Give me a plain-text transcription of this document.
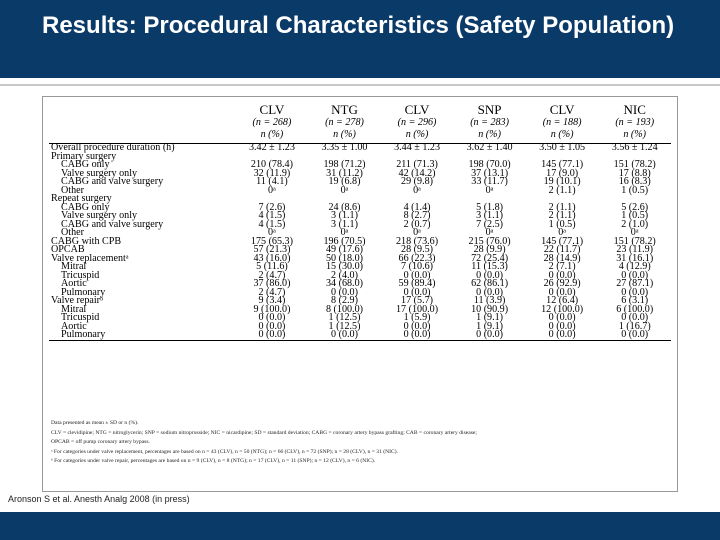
Results: Procedural Characteristics (Safety Population)
	CLV	NTG	CLV	SNP	CLV	NIC
	(n = 268)	(n = 278)	(n = 296)	(n = 283)	(n = 188)	(n = 193)
	n (%)	n (%)	n (%)	n (%)	n (%)	n (%)
Overall procedure duration (h)	3.42 ± 1.23	3.35 ± 1.00	3.44 ± 1.23	3.62 ± 1.40	3.50 ± 1.05	3.56 ± 1.24
Primary surgery						
CABG only	210 (78.4)	198 (71.2)	211 (71.3)	198 (70.0)	145 (77.1)	151 (78.2)
Valve surgery only	32 (11.9)	31 (11.2)	42 (14.2)	37 (13.1)	17 (9.0)	17 (8.8)
CABG and valve surgery	11 (4.1)	19 (6.8)	29 (9.8)	33 (11.7)	19 (10.1)	16 (8.3)
Other	0ᵃ	0ᵃ	0ᵃ	0ᵃ	2 (1.1)	1 (0.5)
Repeat surgery						
CABG only	7 (2.6)	24 (8.6)	4 (1.4)	5 (1.8)	2 (1.1)	5 (2.6)
Valve surgery only	4 (1.5)	3 (1.1)	8 (2.7)	3 (1.1)	2 (1.1)	1 (0.5)
CABG and valve surgery	4 (1.5)	3 (1.1)	2 (0.7)	7 (2.5)	1 (0.5)	2 (1.0)
Other	0ᵃ	0ᵃ	0ᵃ	0ᵃ	0ᵃ	0ᵃ
CABG with CPB	175 (65.3)	196 (70.5)	218 (73.6)	215 (76.0)	145 (77.1)	151 (78.2)
OPCAB	57 (21.3)	49 (17.6)	28 (9.5)	28 (9.9)	22 (11.7)	23 (11.9)
Valve replacementᵃ	43 (16.0)	50 (18.0)	66 (22.3)	72 (25.4)	28 (14.9)	31 (16.1)
Mitral	5 (11.6)	15 (30.0)	7 (10.6)	11 (15.3)	2 (7.1)	4 (12.9)
Tricuspid	2 (4.7)	2 (4.0)	0 (0.0)	0 (0.0)	0 (0.0)	0 (0.0)
Aortic	37 (86.0)	34 (68.0)	59 (89.4)	62 (86.1)	26 (92.9)	27 (87.1)
Pulmonary	2 (4.7)	0 (0.0)	0 (0.0)	0 (0.0)	0 (0.0)	0 (0.0)
Valve repairᵇ	9 (3.4)	8 (2.9)	17 (5.7)	11 (3.9)	12 (6.4)	6 (3.1)
Mitral	9 (100.0)	8 (100.0)	17 (100.0)	10 (90.9)	12 (100.0)	6 (100.0)
Tricuspid	0 (0.0)	1 (12.5)	1 (5.9)	1 (9.1)	0 (0.0)	0 (0.0)
Aortic	0 (0.0)	1 (12.5)	0 (0.0)	1 (9.1)	0 (0.0)	1 (16.7)
Pulmonary	0 (0.0)	0 (0.0)	0 (0.0)	0 (0.0)	0 (0.0)	0 (0.0)
Data presented as mean ± SD or n (%).
CLV = clevidipine; NTG = nitroglycerin; SNP = sodium nitroprusside; NIC = nicardipine; SD = standard deviation; CABG = coronary artery bypass grafting; CAB = coronary artery disease;
OPCAB = off pump coronary artery bypass.
ᵃ For categories under valve replacement, percentages are based on n = 43 (CLV), n = 50 (NTG); n = 66 (CLV), n = 72 (SNP); n = 28 (CLV), n = 31 (NIC).
ᵇ For categories under valve repair, percentages are based on n = 9 (CLV), n = 8 (NTG); n = 17 (CLV), n = 11 (SNP); n = 12 (CLV), n = 6 (NIC).
Aronson S et al. Anesth Analg 2008 (in press)
